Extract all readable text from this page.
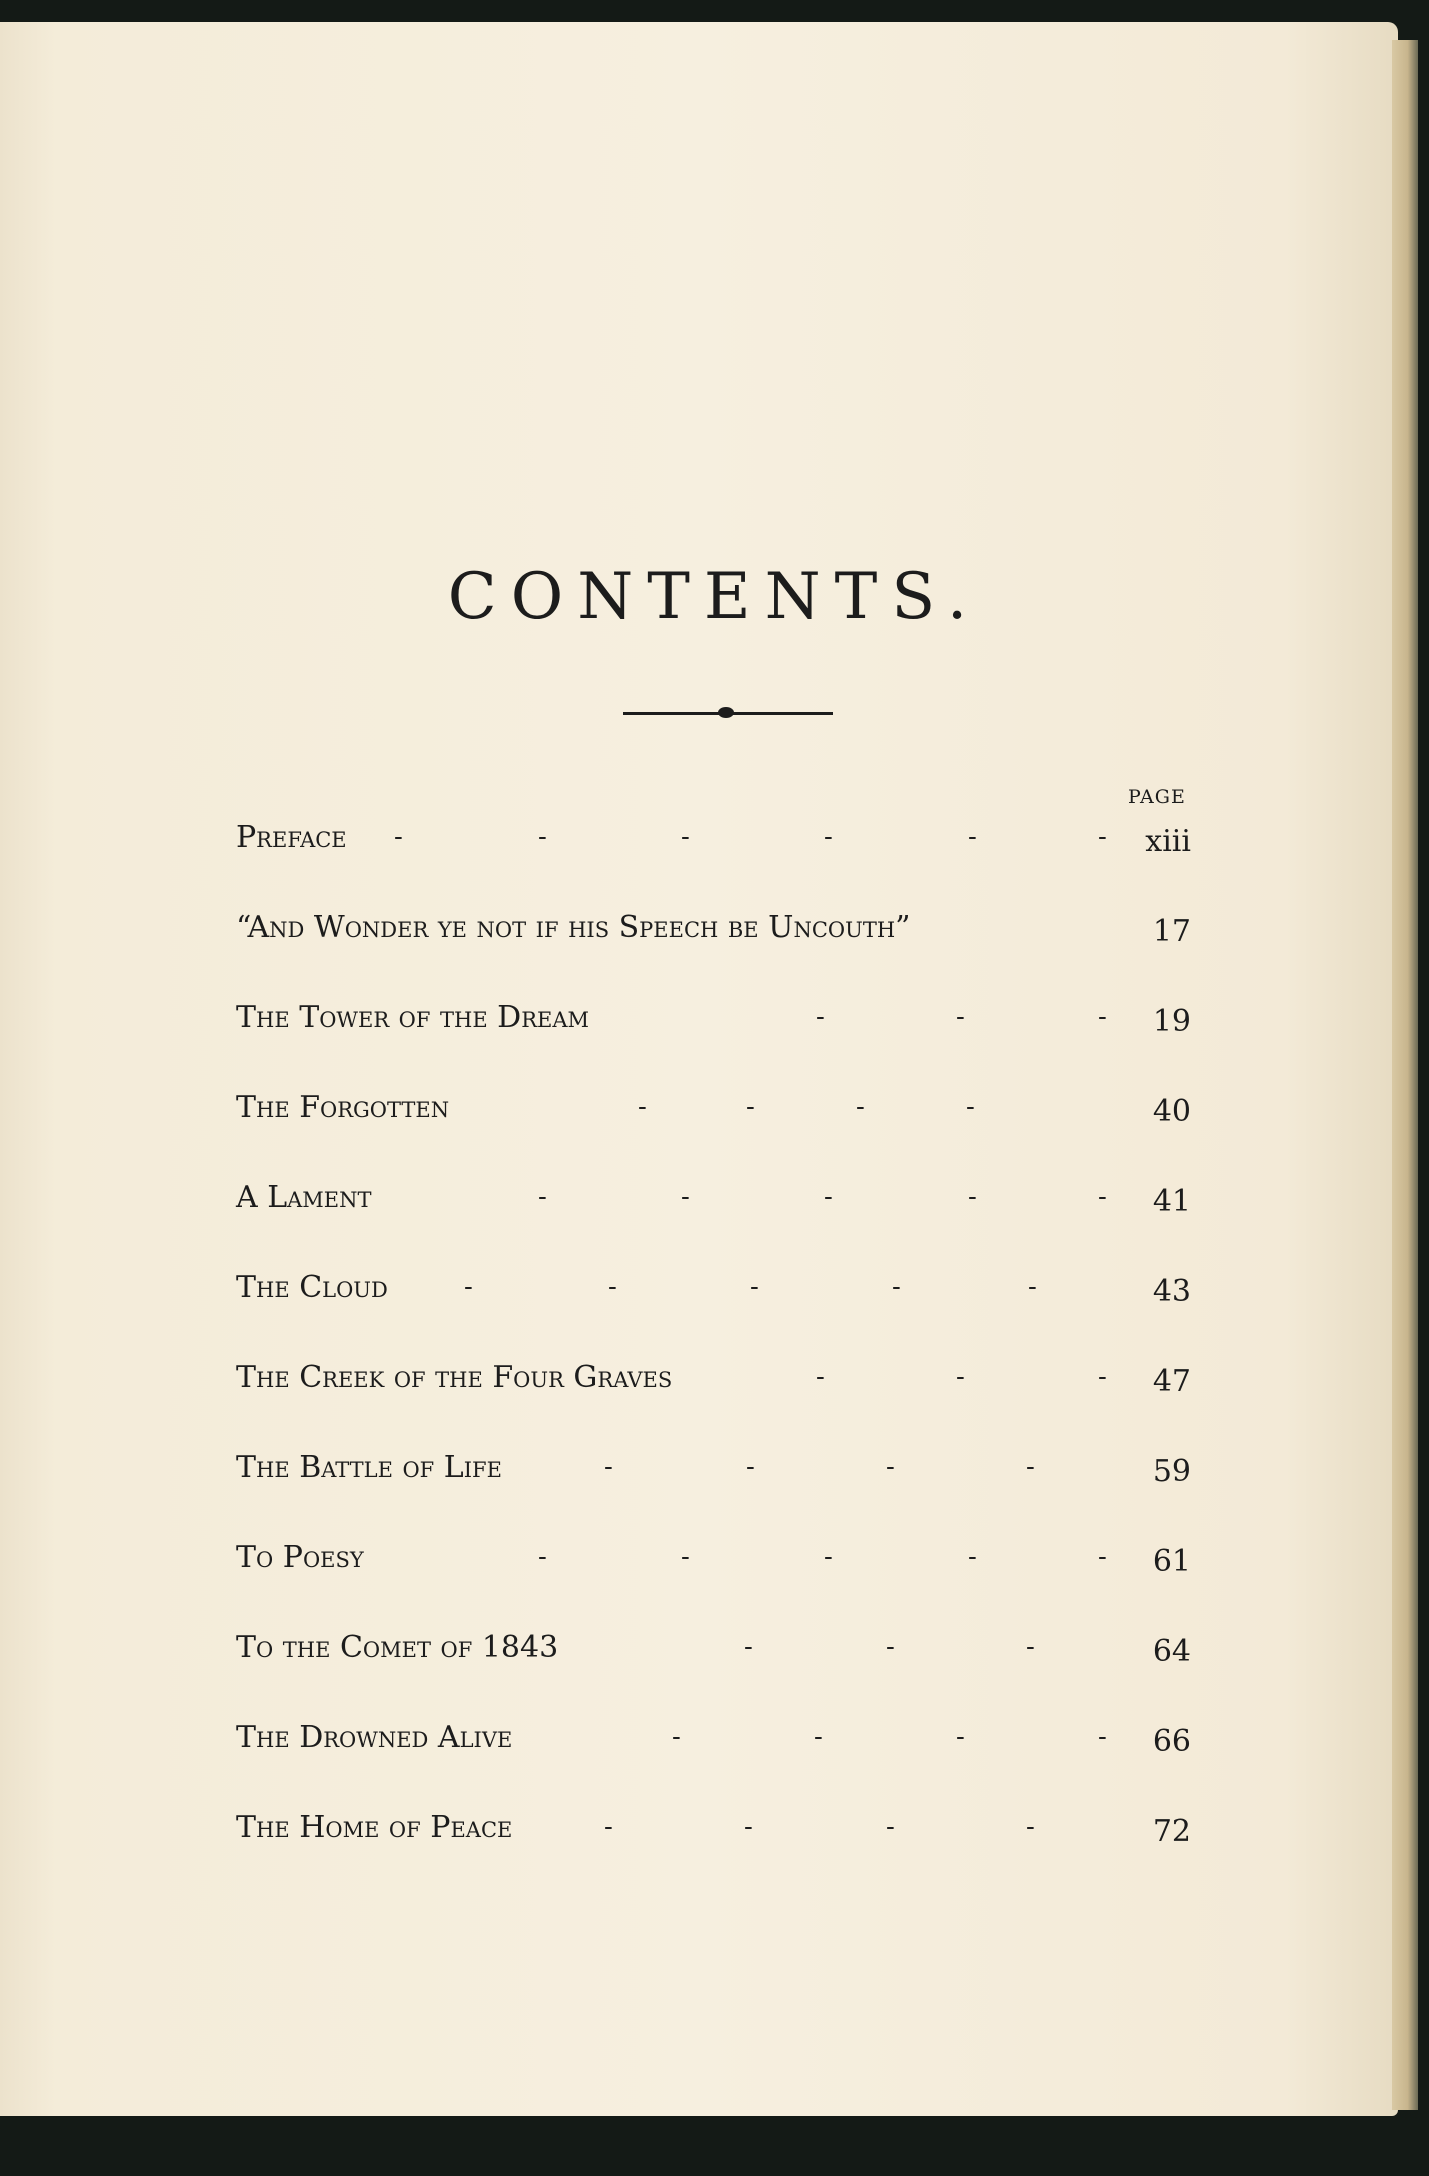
CONTENTS.
PAGE
Preface -	-	-	-	-	- xiii
“And Wonder ye not if his Speech be Uncouth”	17
The Tower of the Dream	-	-	- 19
The Forgotten	-	-	-	-	40
A Lament	-	-	-	-	- 41
The Cloud	-	-	-	-	-	43
The Creek of the Four Graves	-	-	- 47
The Battle of Life	-	-	-	-	59
To Poesy	-	-	-	-	- 61
To the Comet of 1843	-	-	-	64
The Drowned Alive	-	-	-	- 66
The Home of Peace	-	-	-	-	72
